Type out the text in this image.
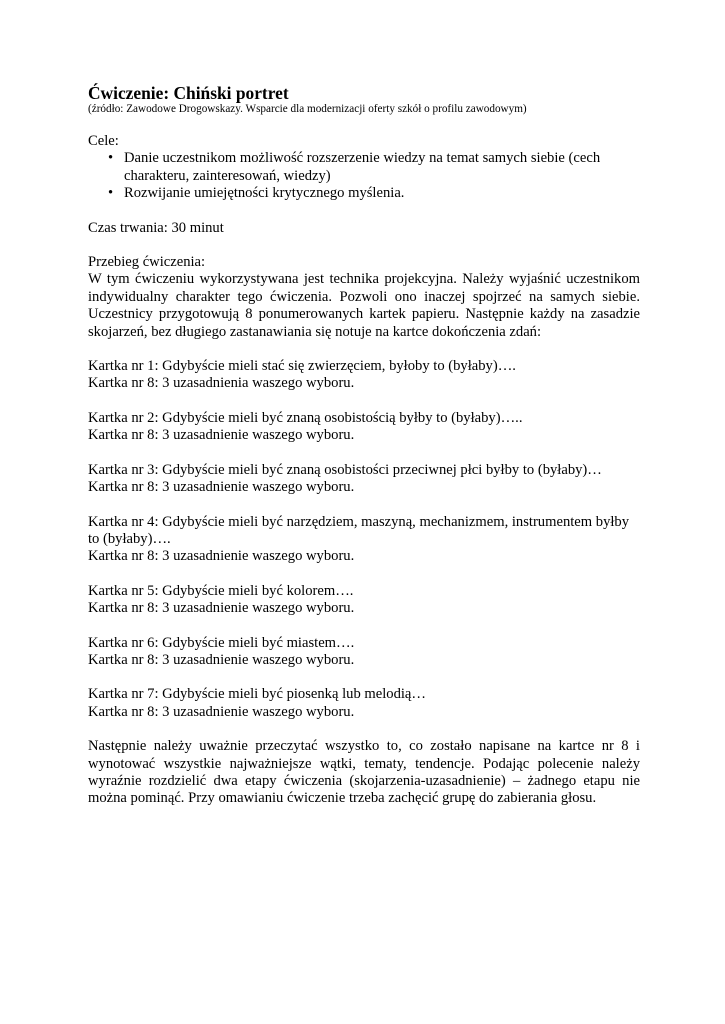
Ćwiczenie: Chiński portret

(źródło: Zawodowe Drogowskazy. Wsparcie dla modernizacji oferty szkół o profilu zawodowym)

Cele:

• Danie uczestnikom możliwość rozszerzenie wiedzy na temat samych siebie (cech charakteru, zainteresowań, wiedzy)
• Rozwijanie umiejętności krytycznego myślenia.

Czas trwania: 30 minut

Przebieg ćwiczenia:

W tym ćwiczeniu wykorzystywana jest technika projekcyjna. Należy wyjaśnić uczestnikom indywidualny charakter tego ćwiczenia. Pozwoli ono inaczej spojrzeć na samych siebie. Uczestnicy przygotowują 8 ponumerowanych kartek papieru. Następnie każdy na zasadzie skojarzeń, bez długiego zastanawiania się notuje na kartce dokończenia zdań:

Kartka nr 1: Gdybyście mieli stać się zwierzęciem, byłoby to (byłaby)….

Kartka nr 8: 3 uzasadnienia waszego wyboru.

Kartka nr 2: Gdybyście mieli być znaną osobistością byłby to (byłaby)…..

Kartka nr 8: 3 uzasadnienie waszego wyboru.

Kartka nr 3: Gdybyście mieli być znaną osobistości przeciwnej płci byłby to (byłaby)…

Kartka nr 8: 3 uzasadnienie waszego wyboru.

Kartka nr 4: Gdybyście mieli być narzędziem, maszyną, mechanizmem, instrumentem byłby to (byłaby)….

Kartka nr 8: 3 uzasadnienie waszego wyboru.

Kartka nr 5: Gdybyście mieli być kolorem….

Kartka nr 8: 3 uzasadnienie waszego wyboru.

Kartka nr 6: Gdybyście mieli być miastem….

Kartka nr 8: 3 uzasadnienie waszego wyboru.

Kartka nr 7: Gdybyście mieli być piosenką lub melodią…

Kartka nr 8: 3 uzasadnienie waszego wyboru.

Następnie należy uważnie przeczytać wszystko to, co zostało napisane na kartce nr 8 i wynotować wszystkie najważniejsze wątki, tematy, tendencje. Podając polecenie należy wyraźnie rozdzielić dwa etapy ćwiczenia (skojarzenia-uzasadnienie) – żadnego etapu nie można pominąć. Przy omawianiu ćwiczenie trzeba zachęcić grupę do zabierania głosu.
